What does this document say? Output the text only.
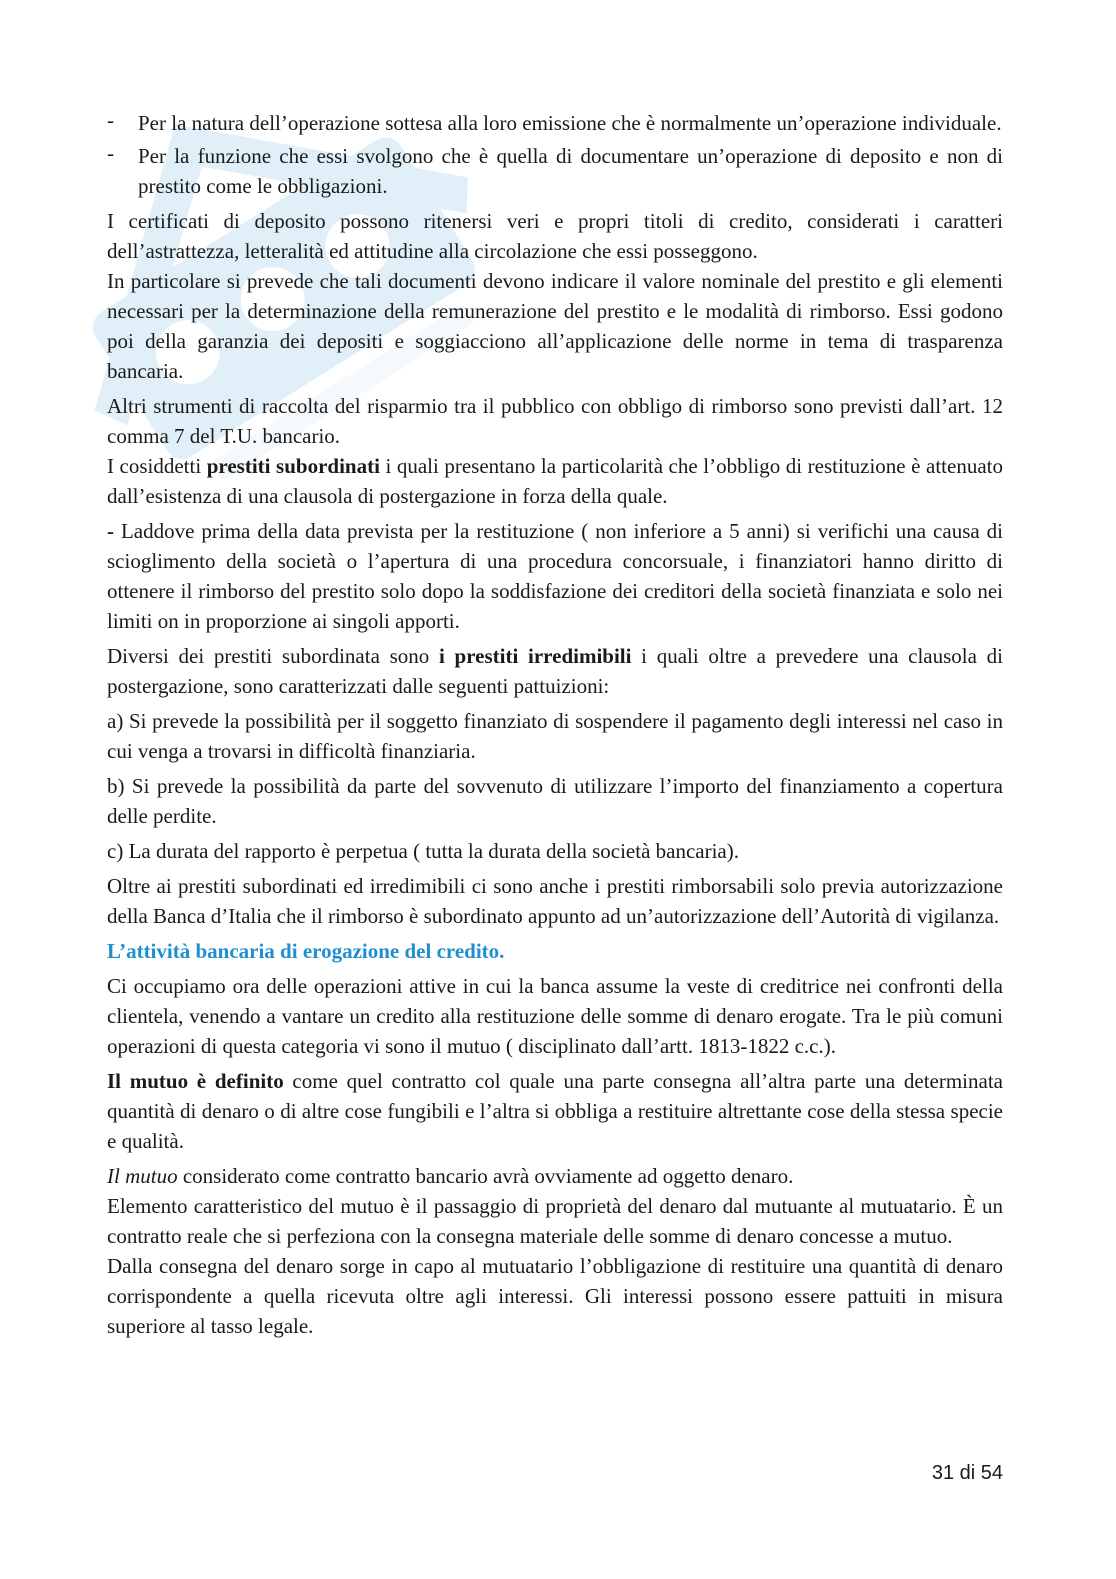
- Per la natura dell’operazione sottesa alla loro emissione che è normalmente un’operazione individuale.

- Per la funzione che essi svolgono che è quella di documentare un’operazione di deposito e non di prestito come le obbligazioni.

I certificati di deposito possono ritenersi veri e propri titoli di credito, considerati i caratteri dell’astrattezza, letteralità ed attitudine alla circolazione che essi posseggono.

In particolare si prevede che tali documenti devono indicare il valore nominale del prestito e gli elementi necessari per la determinazione della remunerazione del prestito e le modalità di rimborso. Essi godono poi della garanzia dei depositi e soggiacciono all’applicazione delle norme in tema di trasparenza bancaria.

Altri strumenti di raccolta del risparmio tra il pubblico con obbligo di rimborso sono previsti dall’art. 12 comma 7 del T.U. bancario.

I cosiddetti prestiti subordinati i quali presentano la particolarità che l’obbligo di restituzione è attenuato dall’esistenza di una clausola di postergazione in forza della quale.

- Laddove prima della data prevista per la restituzione ( non inferiore a 5 anni) si verifichi una causa di scioglimento della società o l’apertura di una procedura concorsuale, i finanziatori hanno diritto di ottenere il rimborso del prestito solo dopo la soddisfazione dei creditori della società finanziata e solo nei limiti on in proporzione ai singoli apporti.

Diversi dei prestiti subordinata sono i prestiti irredimibili i quali oltre a prevedere una clausola di postergazione, sono caratterizzati dalle seguenti pattuizioni:

a) Si prevede la possibilità per il soggetto finanziato di sospendere il pagamento degli interessi nel caso in cui venga a trovarsi in difficoltà finanziaria.

b) Si prevede la possibilità da parte del sovvenuto di utilizzare l’importo del finanziamento a copertura delle perdite.

c) La durata del rapporto è perpetua ( tutta la durata della società bancaria).

Oltre ai prestiti subordinati ed irredimibili ci sono anche i prestiti rimborsabili solo previa autorizzazione della Banca d’Italia che il rimborso è subordinato appunto ad un’autorizzazione dell’Autorità di vigilanza.

L’attività bancaria di erogazione del credito.

Ci occupiamo ora delle operazioni attive in cui la banca assume la veste di creditrice nei confronti della clientela, venendo a vantare un credito alla restituzione delle somme di denaro erogate. Tra le più comuni operazioni di questa categoria vi sono il mutuo ( disciplinato dall’artt. 1813-1822 c.c.).

Il mutuo è definito come quel contratto col quale una parte consegna all’altra parte una determinata quantità di denaro o di altre cose fungibili e l’altra si obbliga a restituire altrettante cose della stessa specie e qualità.

Il mutuo considerato come contratto bancario avrà ovviamente ad oggetto denaro.

Elemento caratteristico del mutuo è il passaggio di proprietà del denaro dal mutuante al mutuatario. È un contratto reale che si perfeziona con la consegna materiale delle somme di denaro concesse a mutuo.

Dalla consegna del denaro sorge in capo al mutuatario l’obbligazione di restituire una quantità di denaro corrispondente a quella ricevuta oltre agli interessi. Gli interessi possono essere pattuiti in misura superiore al tasso legale.

31 di 54
